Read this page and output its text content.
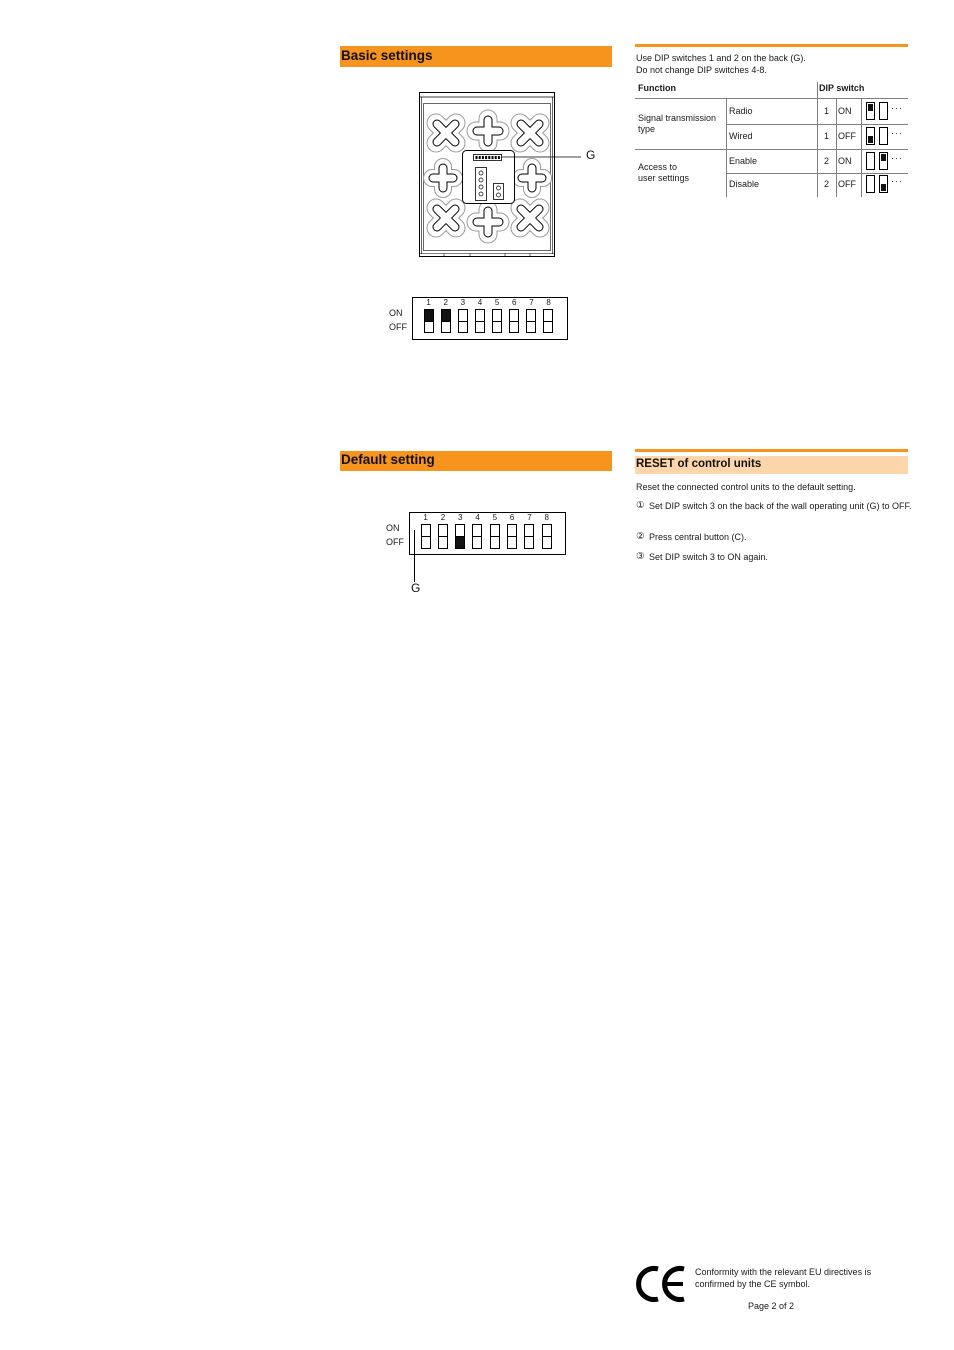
Basic settings	Use DIP switches 1 and 2 on the back (G).
Do not change DIP switches 4-8.
G
Function	DIP switch
Signal transmission
type
Radio	1 ON	···
Wired	1 OFF	···
Access to
user settings
Enable	2 ON	···
Disable	2 OFF	···
ON
OFF
1	2	3	4	5	6	7	8
Default setting
ON
OFF
1	2	3	4	5	6	7	8
G
RESET of control units
Reset the connected control units to the default setting.
① Set DIP switch 3 on the back of the wall operating unit (G) to OFF.
② Press central button (C).
③ Set DIP switch 3 to ON again.
Conformity with the relevant EU directives is confirmed by the CE symbol.
Page 2 of 2
